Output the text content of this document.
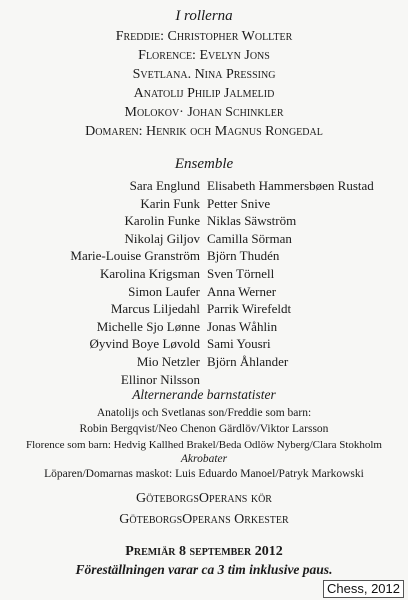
I rollerna
Freddie: Christopher Wollter
Florence: Evelyn Jons
Svetlana. Nina Pressing
Anatolij Philip Jalmelid
Molokov· Johan Schinkler
Domaren: Henrik och Magnus Rongedal
Ensemble
Sara Englund Elisabeth Hammersbøen Rustad
Karin Funk Petter Snive
Karolin Funke Niklas Säwström
Nikolaj Giljov Camilla Sörman
Marie-Louise Granström Björn Thudén
Karolina Krigsman Sven Törnell
Simon Laufer Anna Werner
Marcus Liljedahl Parrik Wirefeldt
Michelle Sjo Lønne Jonas Wåhlin
Øyvind Boye Løvold Sami Yousri
Mio Netzler Björn Åhlander
Ellinor Nilsson
Alternerande barnstatister
Anatolijs och Svetlanas son/Freddie som barn:
Robin Bergqvist/Neo Chenon Gärdlöv/Viktor Larsson
Florence som barn: Hedvig Kallhed Brakel/Beda Odlöw Nyberg/Clara Stokholm
Akrobater
Löparen/Domarnas maskot: Luis Eduardo Manoel/Patryk Markowski
GöteborgsOperans kör
GöteborgsOperans Orkester
Premiär 8 september 2012
Föreställningen varar ca 3 tim inklusive paus.
Chess, 2012
